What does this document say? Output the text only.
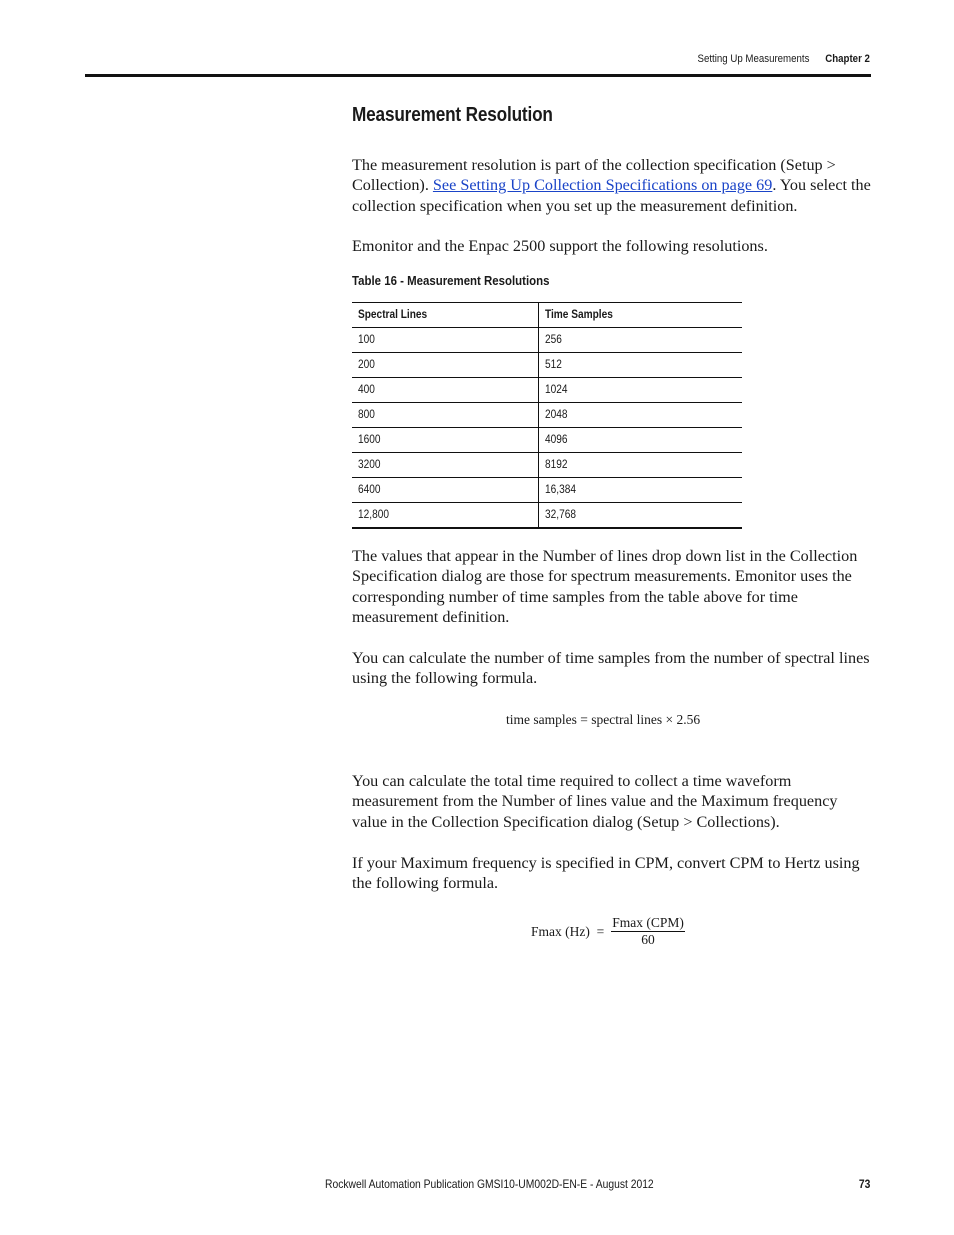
Setting Up Measurements Chapter 2
Measurement Resolution

The measurement resolution is part of the collection specification (Setup > Collection). See Setting Up Collection Specifications on page 69. You select the collection specification when you set up the measurement definition.

Emonitor and the Enpac 2500 support the following resolutions.

Table 16 - Measurement Resolutions
Spectral Lines	Time Samples
100	256
200	512
400	1024
800	2048
1600	4096
3200	8192
6400	16,384
12,800	32,768

The values that appear in the Number of lines drop down list in the Collection Specification dialog are those for spectrum measurements. Emonitor uses the corresponding number of time samples from the table above for time measurement definition.

You can calculate the number of time samples from the number of spectral lines using the following formula.

time samples = spectral lines × 2.56

You can calculate the total time required to collect a time waveform measurement from the Number of lines value and the Maximum frequency value in the Collection Specification dialog (Setup > Collections).

If your Maximum frequency is specified in CPM, convert CPM to Hertz using the following formula.

Fmax $(Hz) = \frac{\text{Fmax (CPM)}}{60}$
Rockwell Automation Publication GMSI10-UM002D-EN-E - August 2012	73
